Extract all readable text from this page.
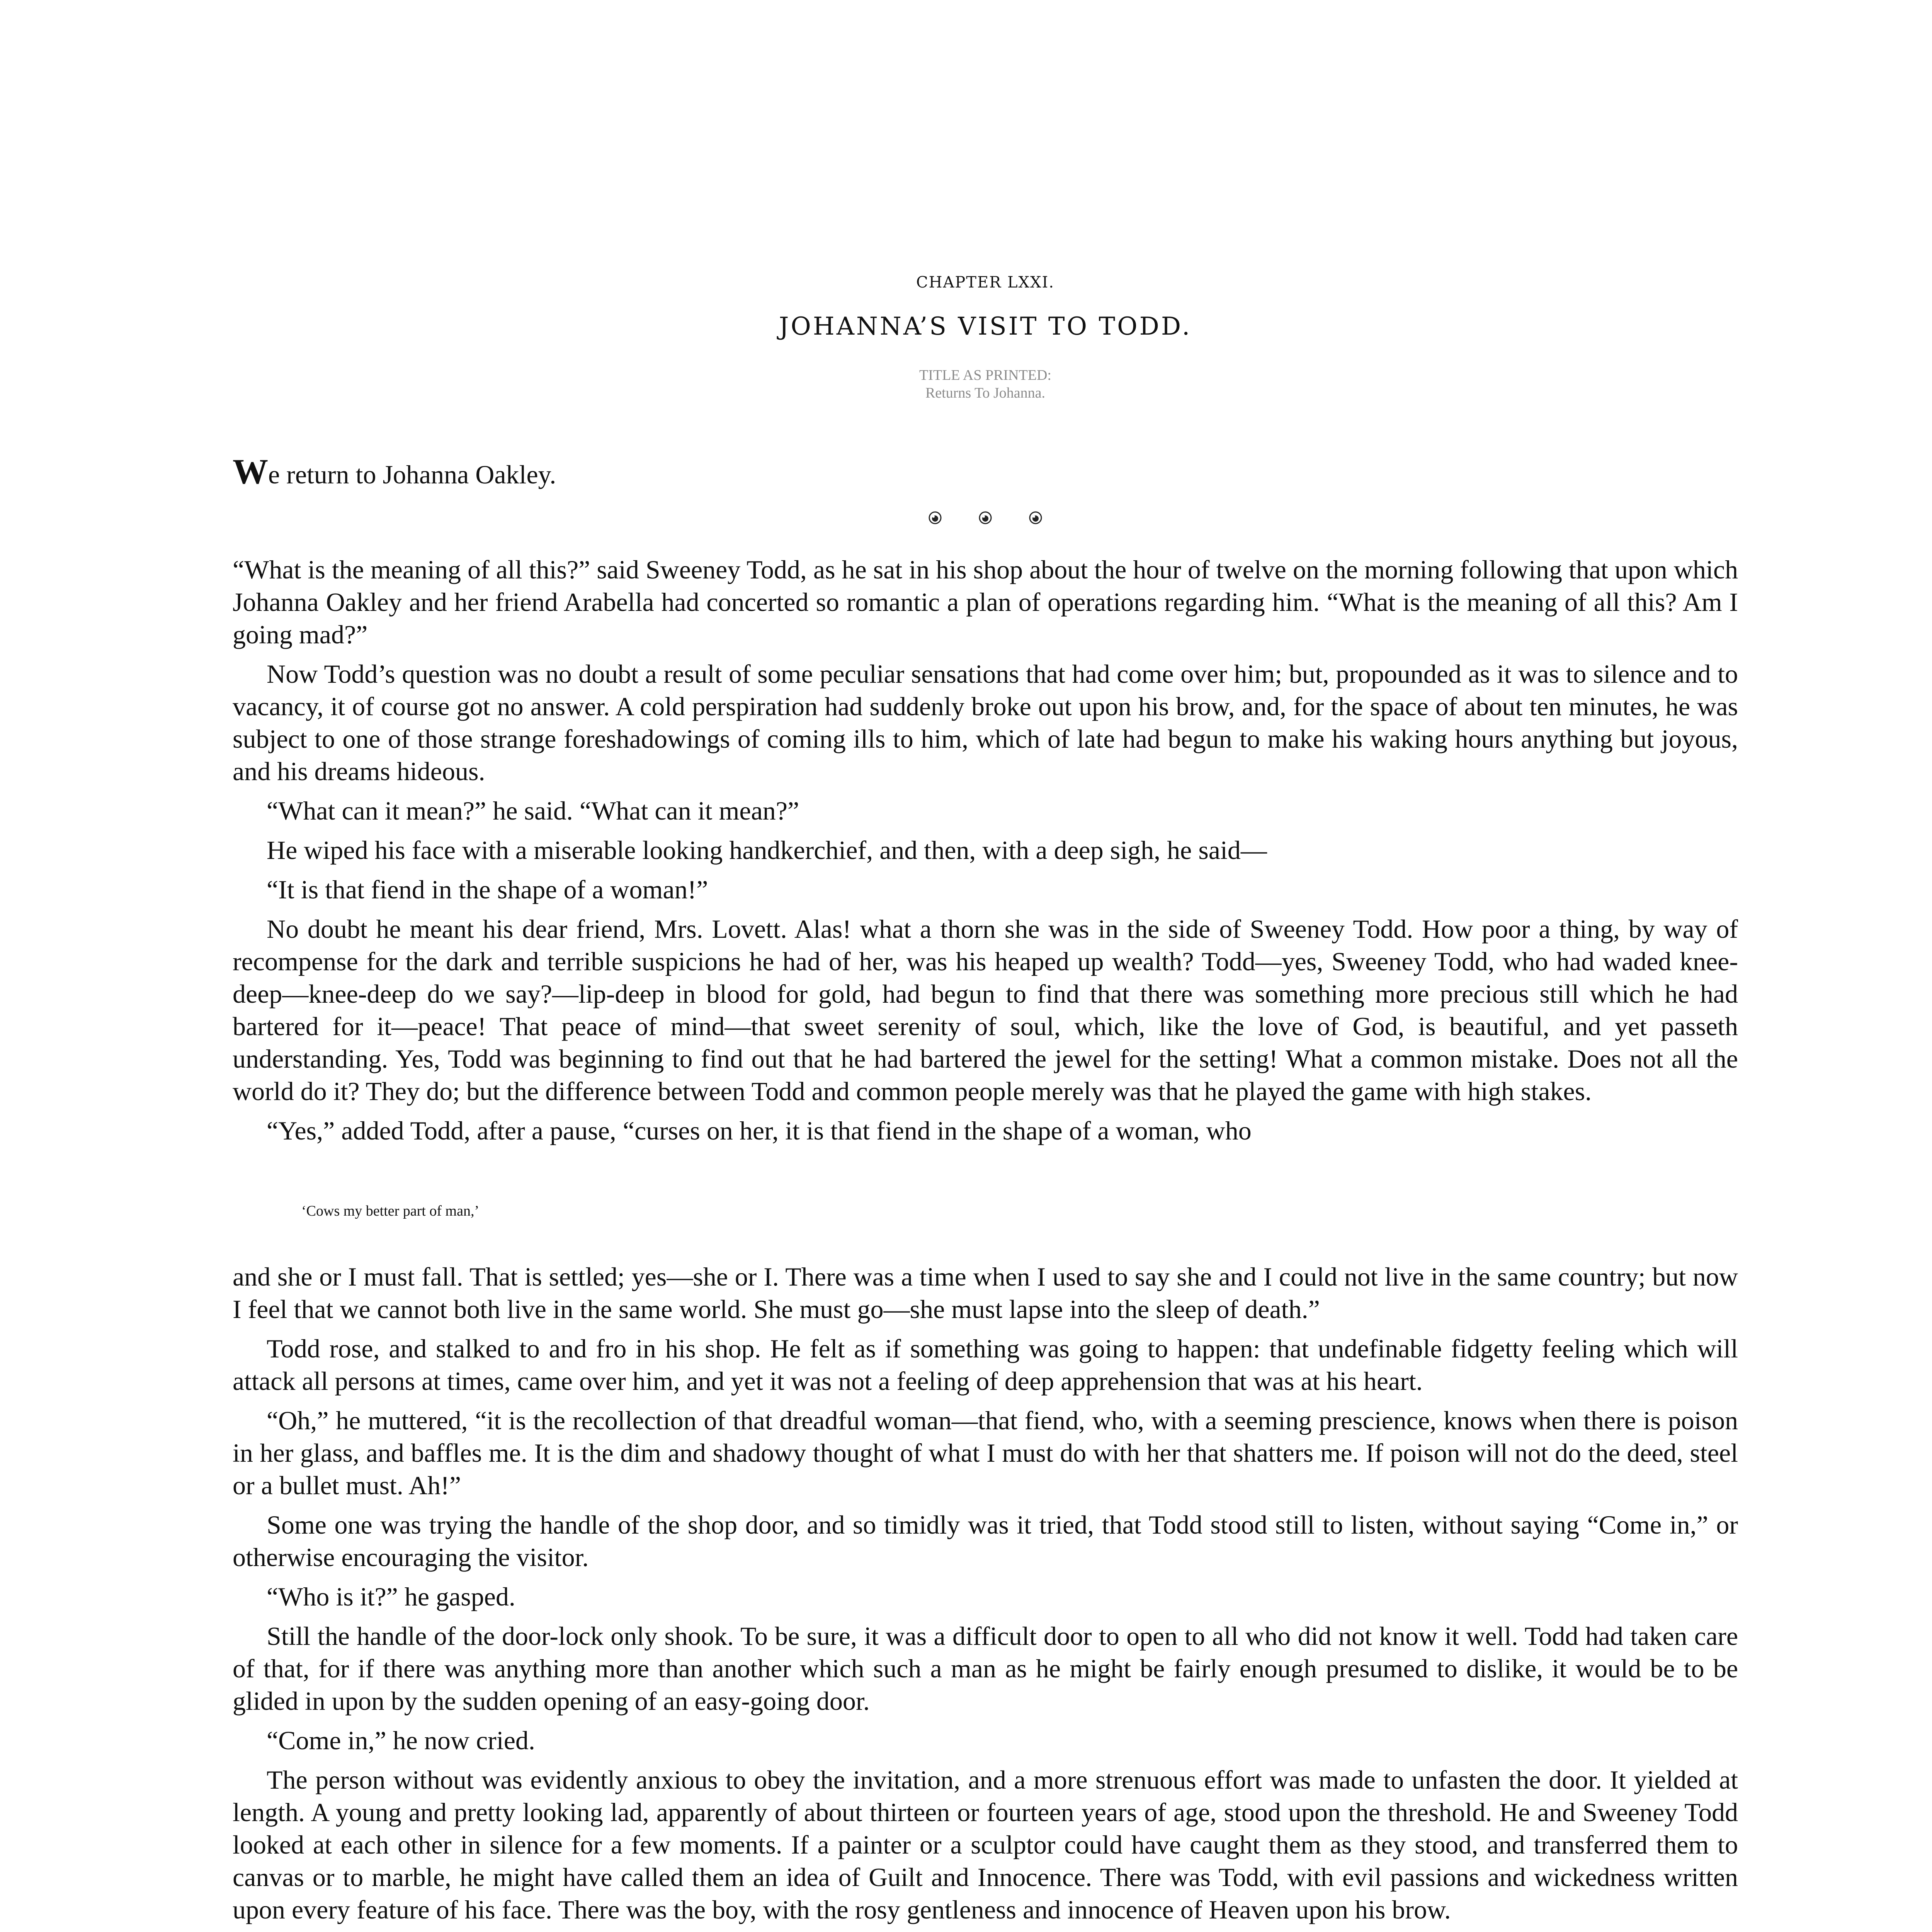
CHAPTER LXXI.
JOHANNA’S VISIT TO TODD.
TITLE AS PRINTED:
Returns To Johanna.

We return to Johanna Oakley.

“What is the meaning of all this?” said Sweeney Todd, as he sat in his shop about the hour of twelve on the morning following that upon which Johanna Oakley and her friend Arabella had concerted so romantic a plan of operations regarding him. “What is the meaning of all this? Am I going mad?”

Now Todd’s question was no doubt a result of some peculiar sensations that had come over him; but, propounded as it was to silence and to vacancy, it of course got no answer. A cold perspiration had suddenly broke out upon his brow, and, for the space of about ten minutes, he was subject to one of those strange foreshadowings of coming ills to him, which of late had begun to make his waking hours anything but joyous, and his dreams hideous.

“What can it mean?” he said. “What can it mean?”

He wiped his face with a miserable looking handkerchief, and then, with a deep sigh, he said—

“It is that fiend in the shape of a woman!”

No doubt he meant his dear friend, Mrs. Lovett. Alas! what a thorn she was in the side of Sweeney Todd. How poor a thing, by way of recompense for the dark and terrible suspicions he had of her, was his heaped up wealth? Todd—yes, Sweeney Todd, who had waded knee-deep—knee-deep do we say?—lip-deep in blood for gold, had begun to find that there was something more precious still which he had bartered for it—peace! That peace of mind—that sweet serenity of soul, which, like the love of God, is beautiful, and yet passeth understanding. Yes, Todd was beginning to find out that he had bartered the jewel for the setting! What a common mistake. Does not all the world do it? They do; but the difference between Todd and common people merely was that he played the game with high stakes.

“Yes,” added Todd, after a pause, “curses on her, it is that fiend in the shape of a woman, who

‘Cows my better part of man,’

and she or I must fall. That is settled; yes—she or I. There was a time when I used to say she and I could not live in the same country; but now I feel that we cannot both live in the same world. She must go—she must lapse into the sleep of death.”

Todd rose, and stalked to and fro in his shop. He felt as if something was going to happen: that undefinable fidgetty feeling which will attack all persons at times, came over him, and yet it was not a feeling of deep apprehension that was at his heart.

“Oh,” he muttered, “it is the recollection of that dreadful woman—that fiend, who, with a seeming prescience, knows when there is poison in her glass, and baffles me. It is the dim and shadowy thought of what I must do with her that shatters me. If poison will not do the deed, steel or a bullet must. Ah!”

Some one was trying the handle of the shop door, and so timidly was it tried, that Todd stood still to listen, without saying “Come in,” or otherwise encouraging the visitor.

“Who is it?” he gasped.

Still the handle of the door-lock only shook. To be sure, it was a difficult door to open to all who did not know it well. Todd had taken care of that, for if there was anything more than another which such a man as he might be fairly enough presumed to dislike, it would be to be glided in upon by the sudden opening of an easy-going door.

“Come in,” he now cried.

The person without was evidently anxious to obey the invitation, and a more strenuous effort was made to unfasten the door. It yielded at length. A young and pretty looking lad, apparently of about thirteen or fourteen years of age, stood upon the threshold. He and Sweeney Todd looked at each other in silence for a few moments. If a painter or a sculptor could have caught them as they stood, and transferred them to canvas or to marble, he might have called them an idea of Guilt and Innocence. There was Todd, with evil passions and wickedness written upon every feature of his face. There was the boy, with the rosy gentleness and innocence of Heaven upon his brow.
